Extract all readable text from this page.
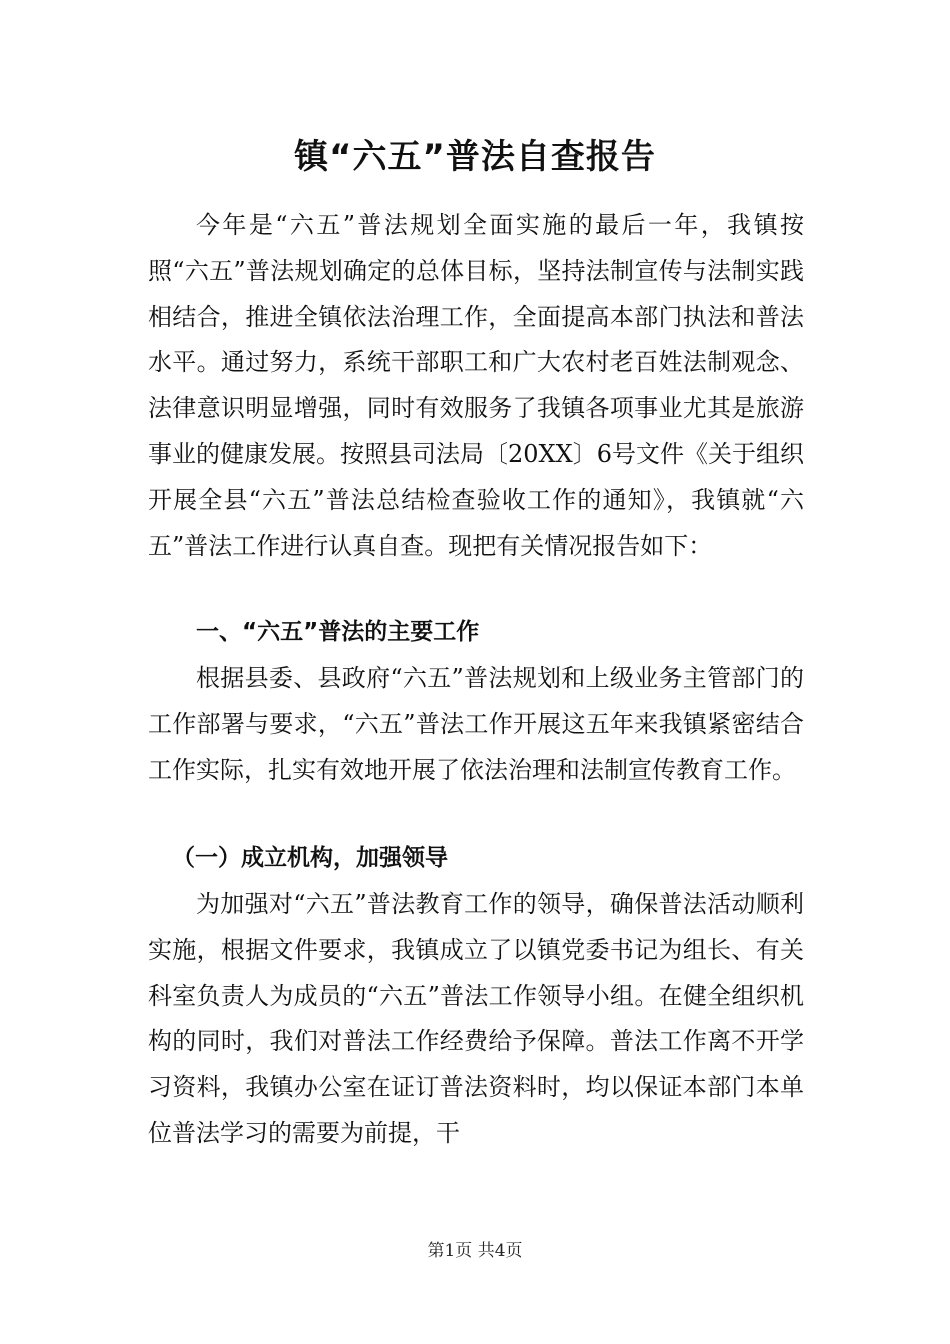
镇“六五”普法自查报告

今年是“六五”普法规划全面实施的最后一年，我镇按照“六五”普法规划确定的总体目标，坚持法制宣传与法制实践相结合，推进全镇依法治理工作，全面提高本部门执法和普法水平。通过努力，系统干部职工和广大农村老百姓法制观念、法律意识明显增强，同时有效服务了我镇各项事业尤其是旅游事业的健康发展。按照县司法局〔20XX〕6号文件《关于组织开展全县“六五”普法总结检查验收工作的通知》，我镇就“六五”普法工作进行认真自查。现把有关情况报告如下：

一、“六五”普法的主要工作

根据县委、县政府“六五”普法规划和上级业务主管部门的工作部署与要求，“六五”普法工作开展这五年来我镇紧密结合工作实际，扎实有效地开展了依法治理和法制宣传教育工作。

（一）成立机构，加强领导

为加强对“六五”普法教育工作的领导，确保普法活动顺利实施，根据文件要求，我镇成立了以镇党委书记为组长、有关科室负责人为成员的“六五”普法工作领导小组。在健全组织机构的同时，我们对普法工作经费给予保障。普法工作离不开学习资料，我镇办公室在证订普法资料时，均以保证本部门本单位普法学习的需要为前提，干

第1页 共4页
